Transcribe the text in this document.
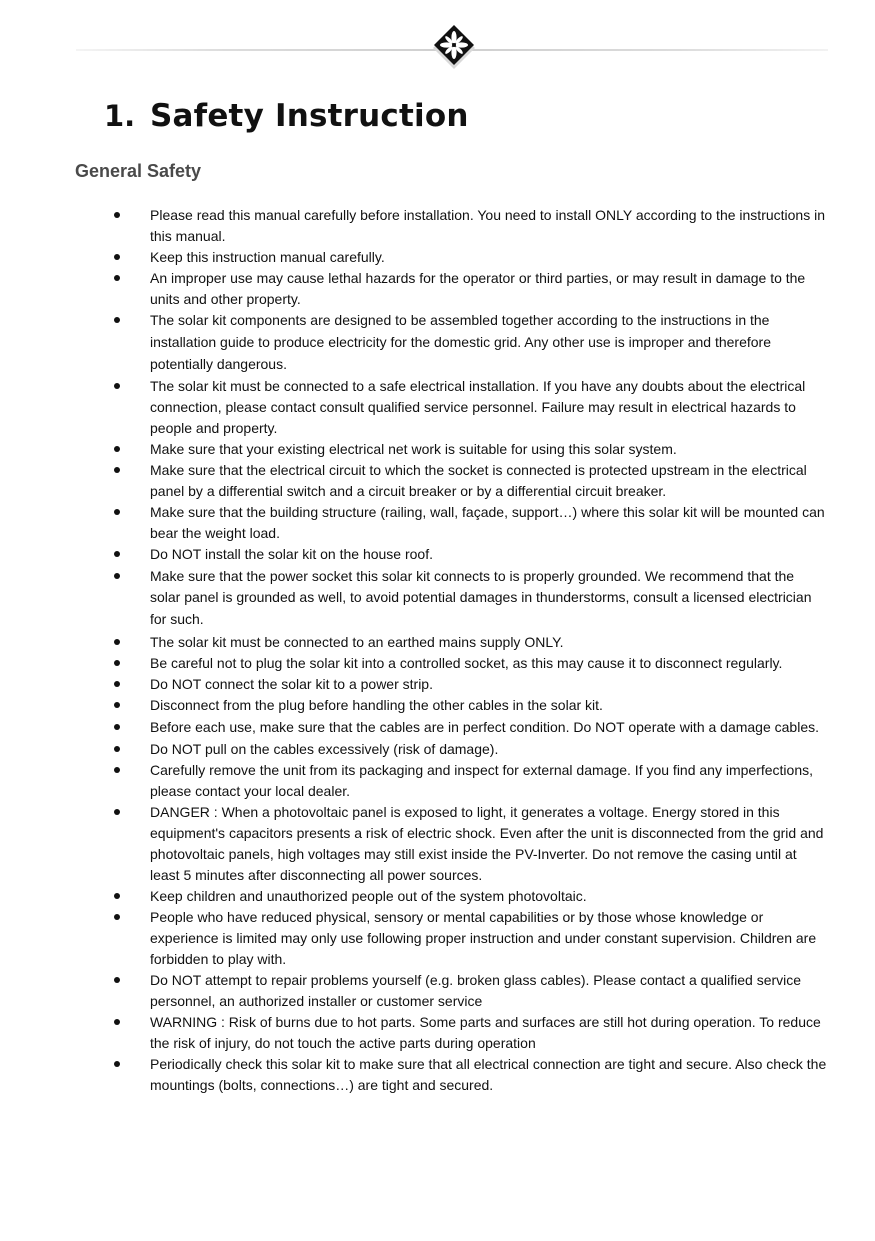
1. Safety Instruction
General Safety
Please read this manual carefully before installation. You need to install ONLY according to the instructions in this manual.
Keep this instruction manual carefully.
An improper use may cause lethal hazards for the operator or third parties, or may result in damage to the units and other property.
The solar kit components are designed to be assembled together according to the instructions in the installation guide to produce electricity for the domestic grid. Any other use is improper and therefore potentially dangerous.
The solar kit must be connected to a safe electrical installation. If you have any doubts about the electrical connection, please contact consult qualified service personnel. Failure may result in electrical hazards to people and property.
Make sure that your existing electrical net work is suitable for using this solar system.
Make sure that the electrical circuit to which the socket is connected is protected upstream in the electrical panel by a differential switch and a circuit breaker or by a differential circuit breaker.
Make sure that the building structure (railing, wall, façade, support…) where this solar kit will be mounted can bear the weight load.
Do NOT install the solar kit on the house roof.
Make sure that the power socket this solar kit connects to is properly grounded. We recommend that the solar panel is grounded as well, to avoid potential damages in thunderstorms, consult a licensed electrician for such.
The solar kit must be connected to an earthed mains supply ONLY.
Be careful not to plug the solar kit into a controlled socket, as this may cause it to disconnect regularly.
Do NOT connect the solar kit to a power strip.
Disconnect from the plug before handling the other cables in the solar kit.
Before each use, make sure that the cables are in perfect condition. Do NOT operate with a damage cables.
Do NOT pull on the cables excessively (risk of damage).
Carefully remove the unit from its packaging and inspect for external damage. If you find any imperfections, please contact your local dealer.
DANGER : When a photovoltaic panel is exposed to light, it generates a voltage. Energy stored in this equipment's capacitors presents a risk of electric shock. Even after the unit is disconnected from the grid and photovoltaic panels, high voltages may still exist inside the PV-Inverter. Do not remove the casing until at least 5 minutes after disconnecting all power sources.
Keep children and unauthorized people out of the system photovoltaic.
People who have reduced physical, sensory or mental capabilities or by those whose knowledge or experience is limited may only use following proper instruction and under constant supervision. Children are forbidden to play with.
Do NOT attempt to repair problems yourself (e.g. broken glass cables). Please contact a qualified service personnel, an authorized installer or customer service
WARNING : Risk of burns due to hot parts. Some parts and surfaces are still hot during operation. To reduce the risk of injury, do not touch the active parts during operation
Periodically check this solar kit to make sure that all electrical connection are tight and secure. Also check the mountings (bolts, connections…) are tight and secured.
